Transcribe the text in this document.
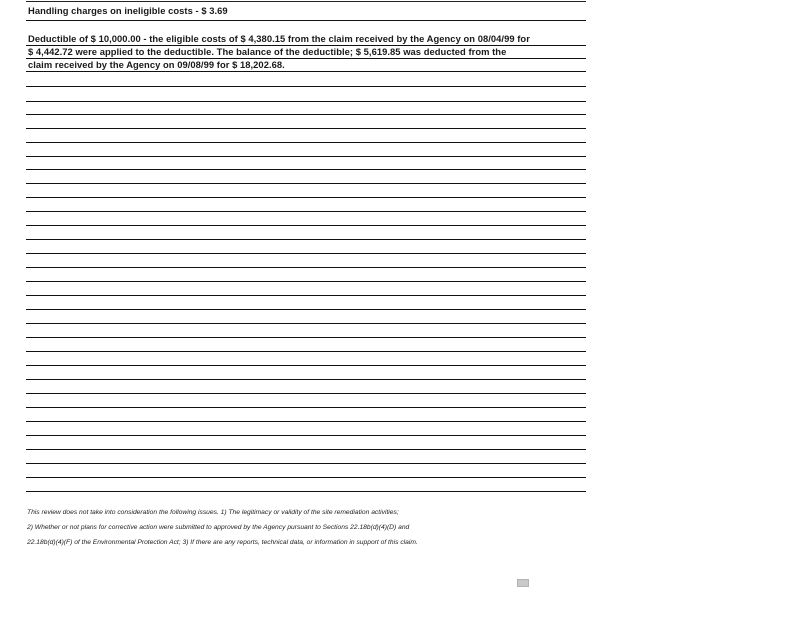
Handling charges on ineligible costs - $ 3.69
Deductible of $ 10,000.00 - the eligible costs of $ 4,380.15 from the claim received by the Agency on 08/04/99 for
$ 4,442.72 were applied to the deductible. The balance of the deductible; $ 5,619.85 was deducted from the
claim received by the Agency on 09/08/99 for $ 18,202.68.
This review does not take into consideration the following issues. 1) The legitimacy or validity of the site remediation activities;
2) Whether or not plans for corrective action were submitted to approved by the Agency pursuant to Sections 22.18b(d)(4)(D) and
22.18b(d)(4)(F) of the Environmental Protection Act; 3) If there are any reports, technical data, or information in support of this claim.
